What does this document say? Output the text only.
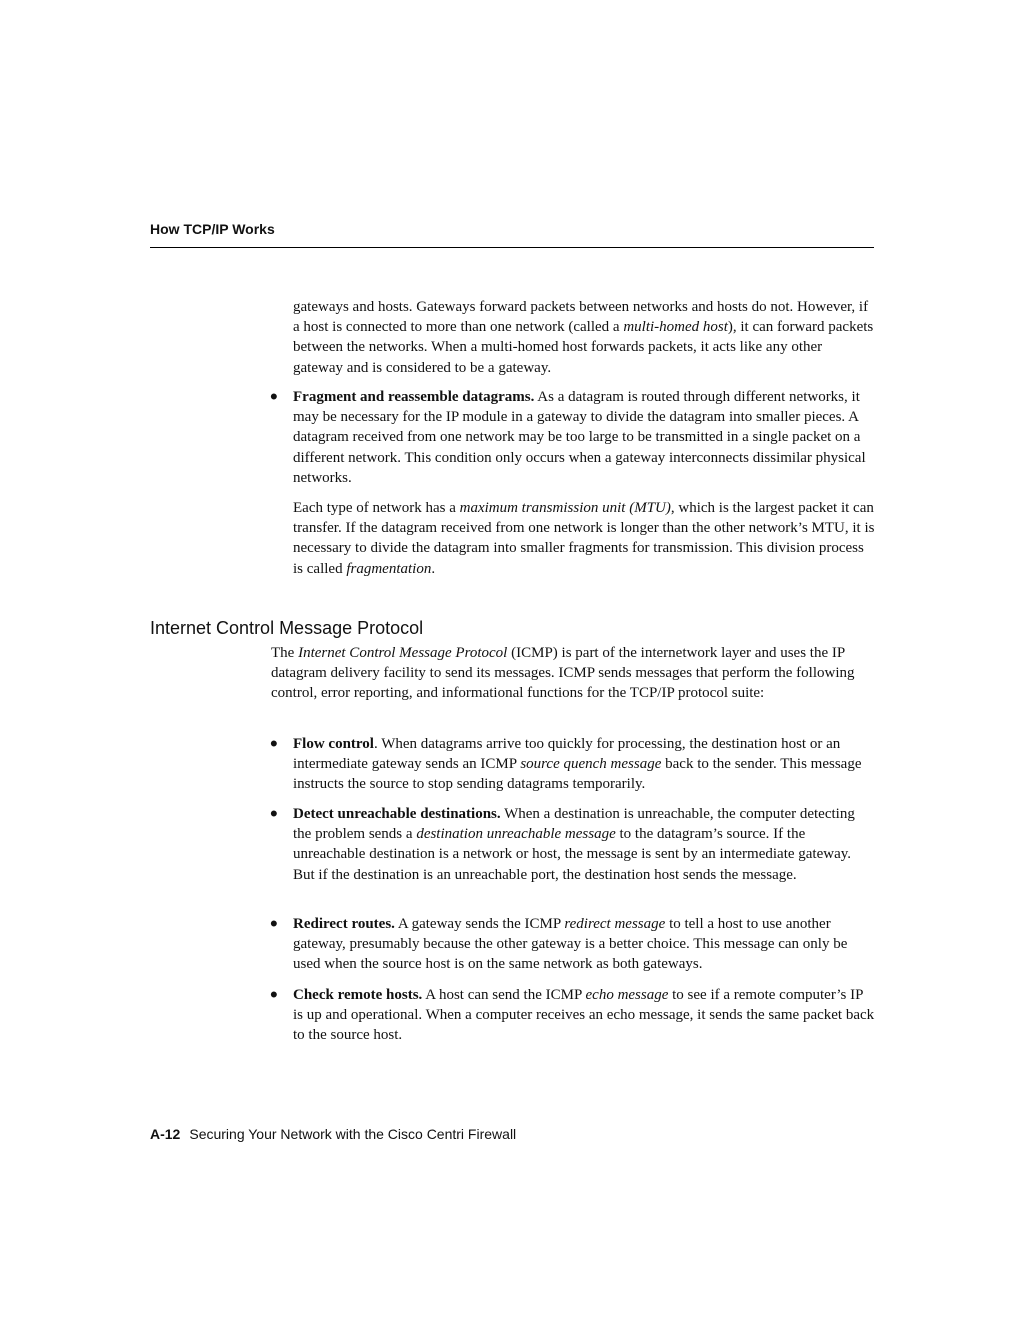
How TCP/IP Works

gateways and hosts. Gateways forward packets between networks and hosts do not. However, if a host is connected to more than one network (called a multi-homed host), it can forward packets between the networks. When a multi-homed host forwards packets, it acts like any other gateway and is considered to be a gateway.

• Fragment and reassemble datagrams. As a datagram is routed through different networks, it may be necessary for the IP module in a gateway to divide the datagram into smaller pieces. A datagram received from one network may be too large to be transmitted in a single packet on a different network. This condition only occurs when a gateway interconnects dissimilar physical networks.

Each type of network has a maximum transmission unit (MTU), which is the largest packet it can transfer. If the datagram received from one network is longer than the other network’s MTU, it is necessary to divide the datagram into smaller fragments for transmission. This division process is called fragmentation.

Internet Control Message Protocol

The Internet Control Message Protocol (ICMP) is part of the internetwork layer and uses the IP datagram delivery facility to send its messages. ICMP sends messages that perform the following control, error reporting, and informational functions for the TCP/IP protocol suite:

• Flow control. When datagrams arrive too quickly for processing, the destination host or an intermediate gateway sends an ICMP source quench message back to the sender. This message instructs the source to stop sending datagrams temporarily.

• Detect unreachable destinations. When a destination is unreachable, the computer detecting the problem sends a destination unreachable message to the datagram’s source. If the unreachable destination is a network or host, the message is sent by an intermediate gateway. But if the destination is an unreachable port, the destination host sends the message.

• Redirect routes. A gateway sends the ICMP redirect message to tell a host to use another gateway, presumably because the other gateway is a better choice. This message can only be used when the source host is on the same network as both gateways.

• Check remote hosts. A host can send the ICMP echo message to see if a remote computer’s IP is up and operational. When a computer receives an echo message, it sends the same packet back to the source host.

A-12 Securing Your Network with the Cisco Centri Firewall
